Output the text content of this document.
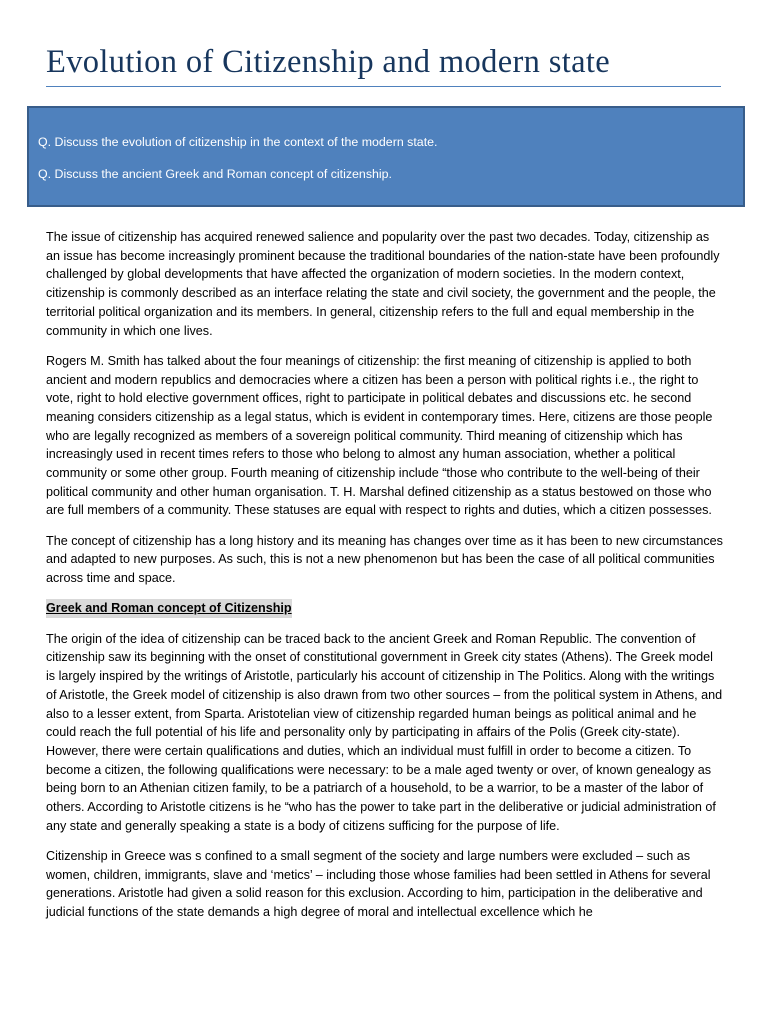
Evolution of Citizenship and modern state
Q. Discuss the evolution of citizenship in the context of the modern state.
Q. Discuss the ancient Greek and Roman concept of citizenship.

The issue of citizenship has acquired renewed salience and popularity over the past two decades. Today, citizenship as an issue has become increasingly prominent because the traditional boundaries of the nation-state have been profoundly challenged by global developments that have affected the organization of modern societies. In the modern context, citizenship is commonly described as an interface relating the state and civil society, the government and the people, the territorial political organization and its members. In general, citizenship refers to the full and equal membership in the community in which one lives.

Rogers M. Smith has talked about the four meanings of citizenship: the first meaning of citizenship is applied to both ancient and modern republics and democracies where a citizen has been a person with political rights i.e., the right to vote, right to hold elective government offices, right to participate in political debates and discussions etc. he second meaning considers citizenship as a legal status, which is evident in contemporary times. Here, citizens are those people who are legally recognized as members of a sovereign political community. Third meaning of citizenship which has increasingly used in recent times refers to those who belong to almost any human association, whether a political community or some other group. Fourth meaning of citizenship include “those who contribute to the well-being of their political community and other human organisation. T. H. Marshal defined citizenship as a status bestowed on those who are full members of a community. These statuses are equal with respect to rights and duties, which a citizen possesses.

The concept of citizenship has a long history and its meaning has changes over time as it has been to new circumstances and adapted to new purposes. As such, this is not a new phenomenon but has been the case of all political communities across time and space.

Greek and Roman concept of Citizenship

The origin of the idea of citizenship can be traced back to the ancient Greek and Roman Republic. The convention of citizenship saw its beginning with the onset of constitutional government in Greek city states (Athens). The Greek model is largely inspired by the writings of Aristotle, particularly his account of citizenship in The Politics. Along with the writings of Aristotle, the Greek model of citizenship is also drawn from two other sources – from the political system in Athens, and also to a lesser extent, from Sparta. Aristotelian view of citizenship regarded human beings as political animal and he could reach the full potential of his life and personality only by participating in affairs of the Polis (Greek city-state). However, there were certain qualifications and duties, which an individual must fulfill in order to become a citizen. To become a citizen, the following qualifications were necessary: to be a male aged twenty or over, of known genealogy as being born to an Athenian citizen family, to be a patriarch of a household, to be a warrior, to be a master of the labor of others. According to Aristotle citizens is he “who has the power to take part in the deliberative or judicial administration of any state and generally speaking a state is a body of citizens sufficing for the purpose of life.

Citizenship in Greece was s confined to a small segment of the society and large numbers were excluded – such as women, children, immigrants, slave and ‘metics’ – including those whose families had been settled in Athens for several generations. Aristotle had given a solid reason for this exclusion. According to him, participation in the deliberative and judicial functions of the state demands a high degree of moral and intellectual excellence which he
